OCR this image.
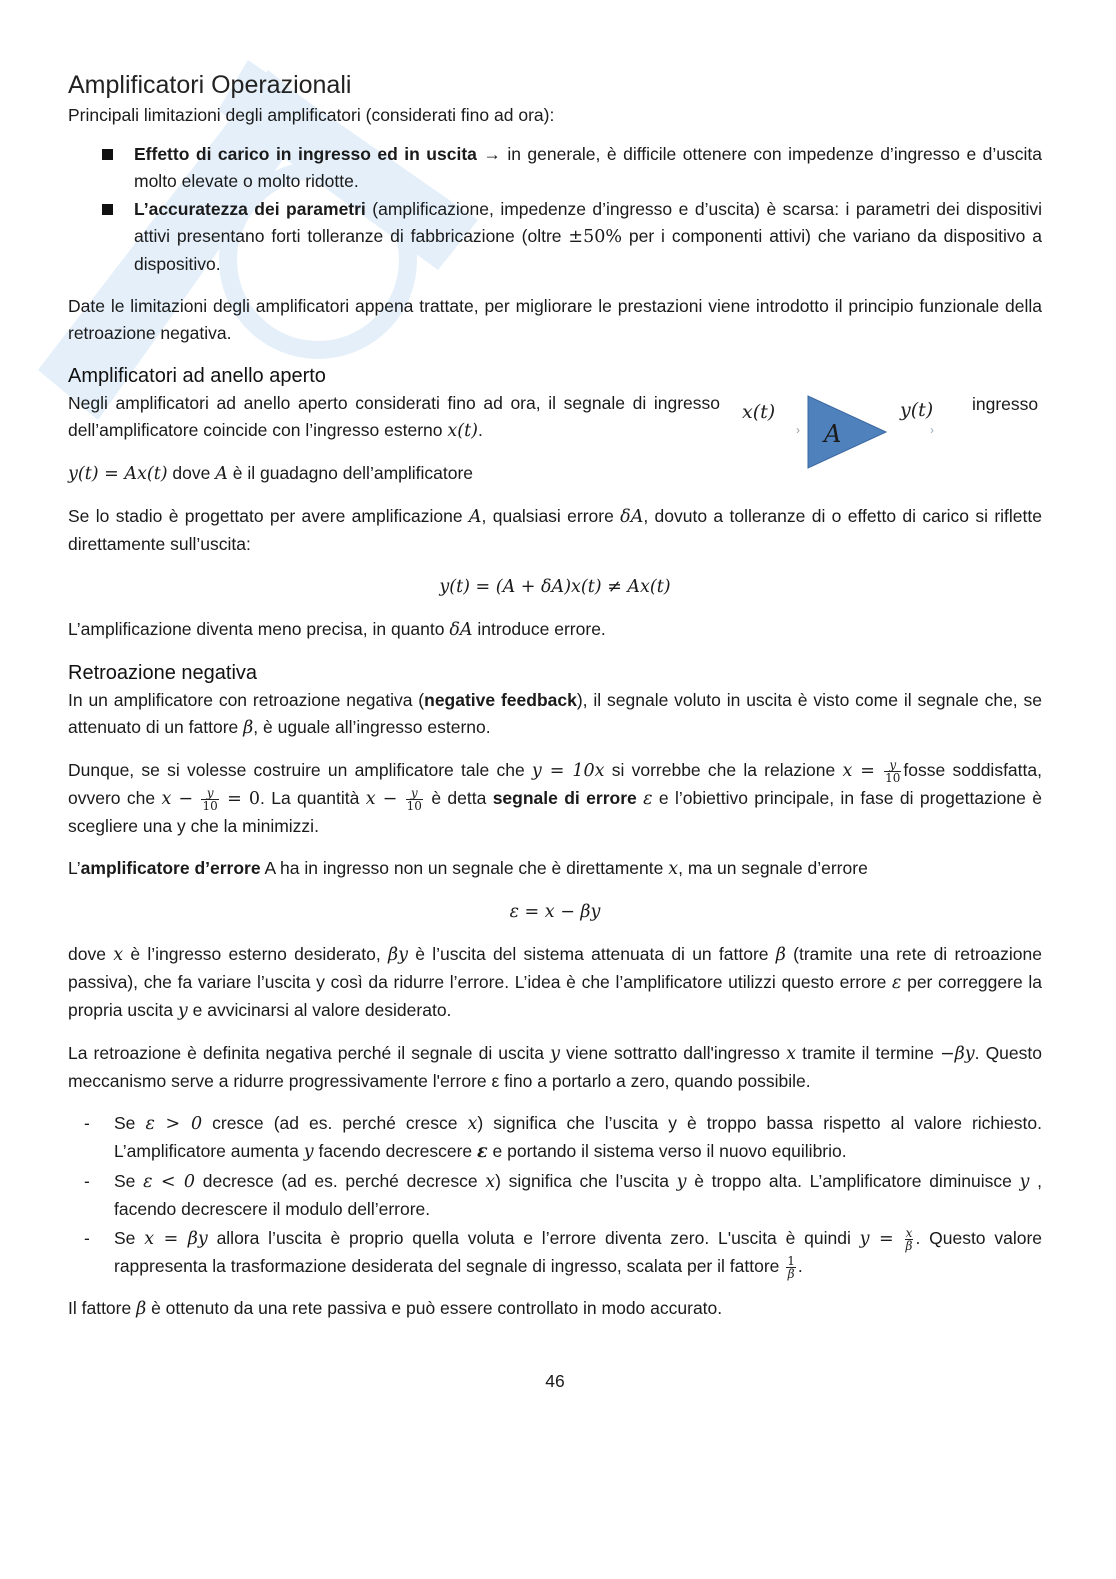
Amplificatori Operazionali

Principali limitazioni degli amplificatori (considerati fino ad ora):

Effetto di carico in ingresso ed in uscita → in generale, è difficile ottenere con impedenze d’ingresso e d’uscita molto elevate o molto ridotte.
L’accuratezza dei parametri (amplificazione, impedenze d’ingresso e d’uscita) è scarsa: i parametri dei dispositivi attivi presentano forti tolleranze di fabbricazione (oltre ±50% per i componenti attivi) che variano da dispositivo a dispositivo.

Date le limitazioni degli amplificatori appena trattate, per migliorare le prestazioni viene introdotto il principio funzionale della retroazione negativa.

Amplificatori ad anello aperto

Negli amplificatori ad anello aperto considerati fino ad ora, il segnale di ingresso dell’amplificatore coincide con l’ingresso esterno x(t).

x(t)
› A
y(t)
›
ingresso

y(t) = Ax(t) dove A è il guadagno dell’amplificatore

Se lo stadio è progettato per avere amplificazione A, qualsiasi errore δA, dovuto a tolleranze di o effetto di carico si riflette direttamente sull’uscita:

y(t) = (A + δA)x(t) ≠ Ax(t)

L’amplificazione diventa meno precisa, in quanto δA introduce errore.

Retroazione negativa

In un amplificatore con retroazione negativa (negative feedback), il segnale voluto in uscita è visto come il segnale che, se attenuato di un fattore β, è uguale all’ingresso esterno.

Dunque, se si volesse costruire un amplificatore tale che y = 10x si vorrebbe che la relazione $x = \frac{y}{10}$ fosse soddisfatta, ovvero che $x - \frac{y}{10} = 0$. La quantità $x - \frac{y}{10}$ è detta segnale di errore ε e l’obiettivo principale, in fase di progettazione è scegliere una y che la minimizzi.

L’amplificatore d’errore A ha in ingresso non un segnale che è direttamente x, ma un segnale d’errore

ε = x − βy

dove x è l’ingresso esterno desiderato, βy è l’uscita del sistema attenuata di un fattore β (tramite una rete di retroazione passiva), che fa variare l’uscita y così da ridurre l’errore. L’idea è che l’amplificatore utilizzi questo errore ε per correggere la propria uscita y e avvicinarsi al valore desiderato.

La retroazione è definita negativa perché il segnale di uscita y viene sottratto dall'ingresso x tramite il termine −βy. Questo meccanismo serve a ridurre progressivamente l'errore ε fino a portarlo a zero, quando possibile.

- Se ε > 0 cresce (ad es. perché cresce x) significa che l’uscita y è troppo bassa rispetto al valore richiesto. L’amplificatore aumenta y facendo decrescere ε e portando il sistema verso il nuovo equilibrio.
- Se ε < 0 decresce (ad es. perché decresce x) significa che l’uscita y è troppo alta. L’amplificatore diminuisce y , facendo decrescere il modulo dell’errore.
- Se x = βy allora l’uscita è proprio quella voluta e l’errore diventa zero. L'uscita è quindi $y = \frac{x}{\beta}$ . Questo valore rappresenta la trasformazione desiderata del segnale di ingresso, scalata per il fattore $\frac{1}{\beta}$ .

Il fattore β è ottenuto da una rete passiva e può essere controllato in modo accurato.

46
